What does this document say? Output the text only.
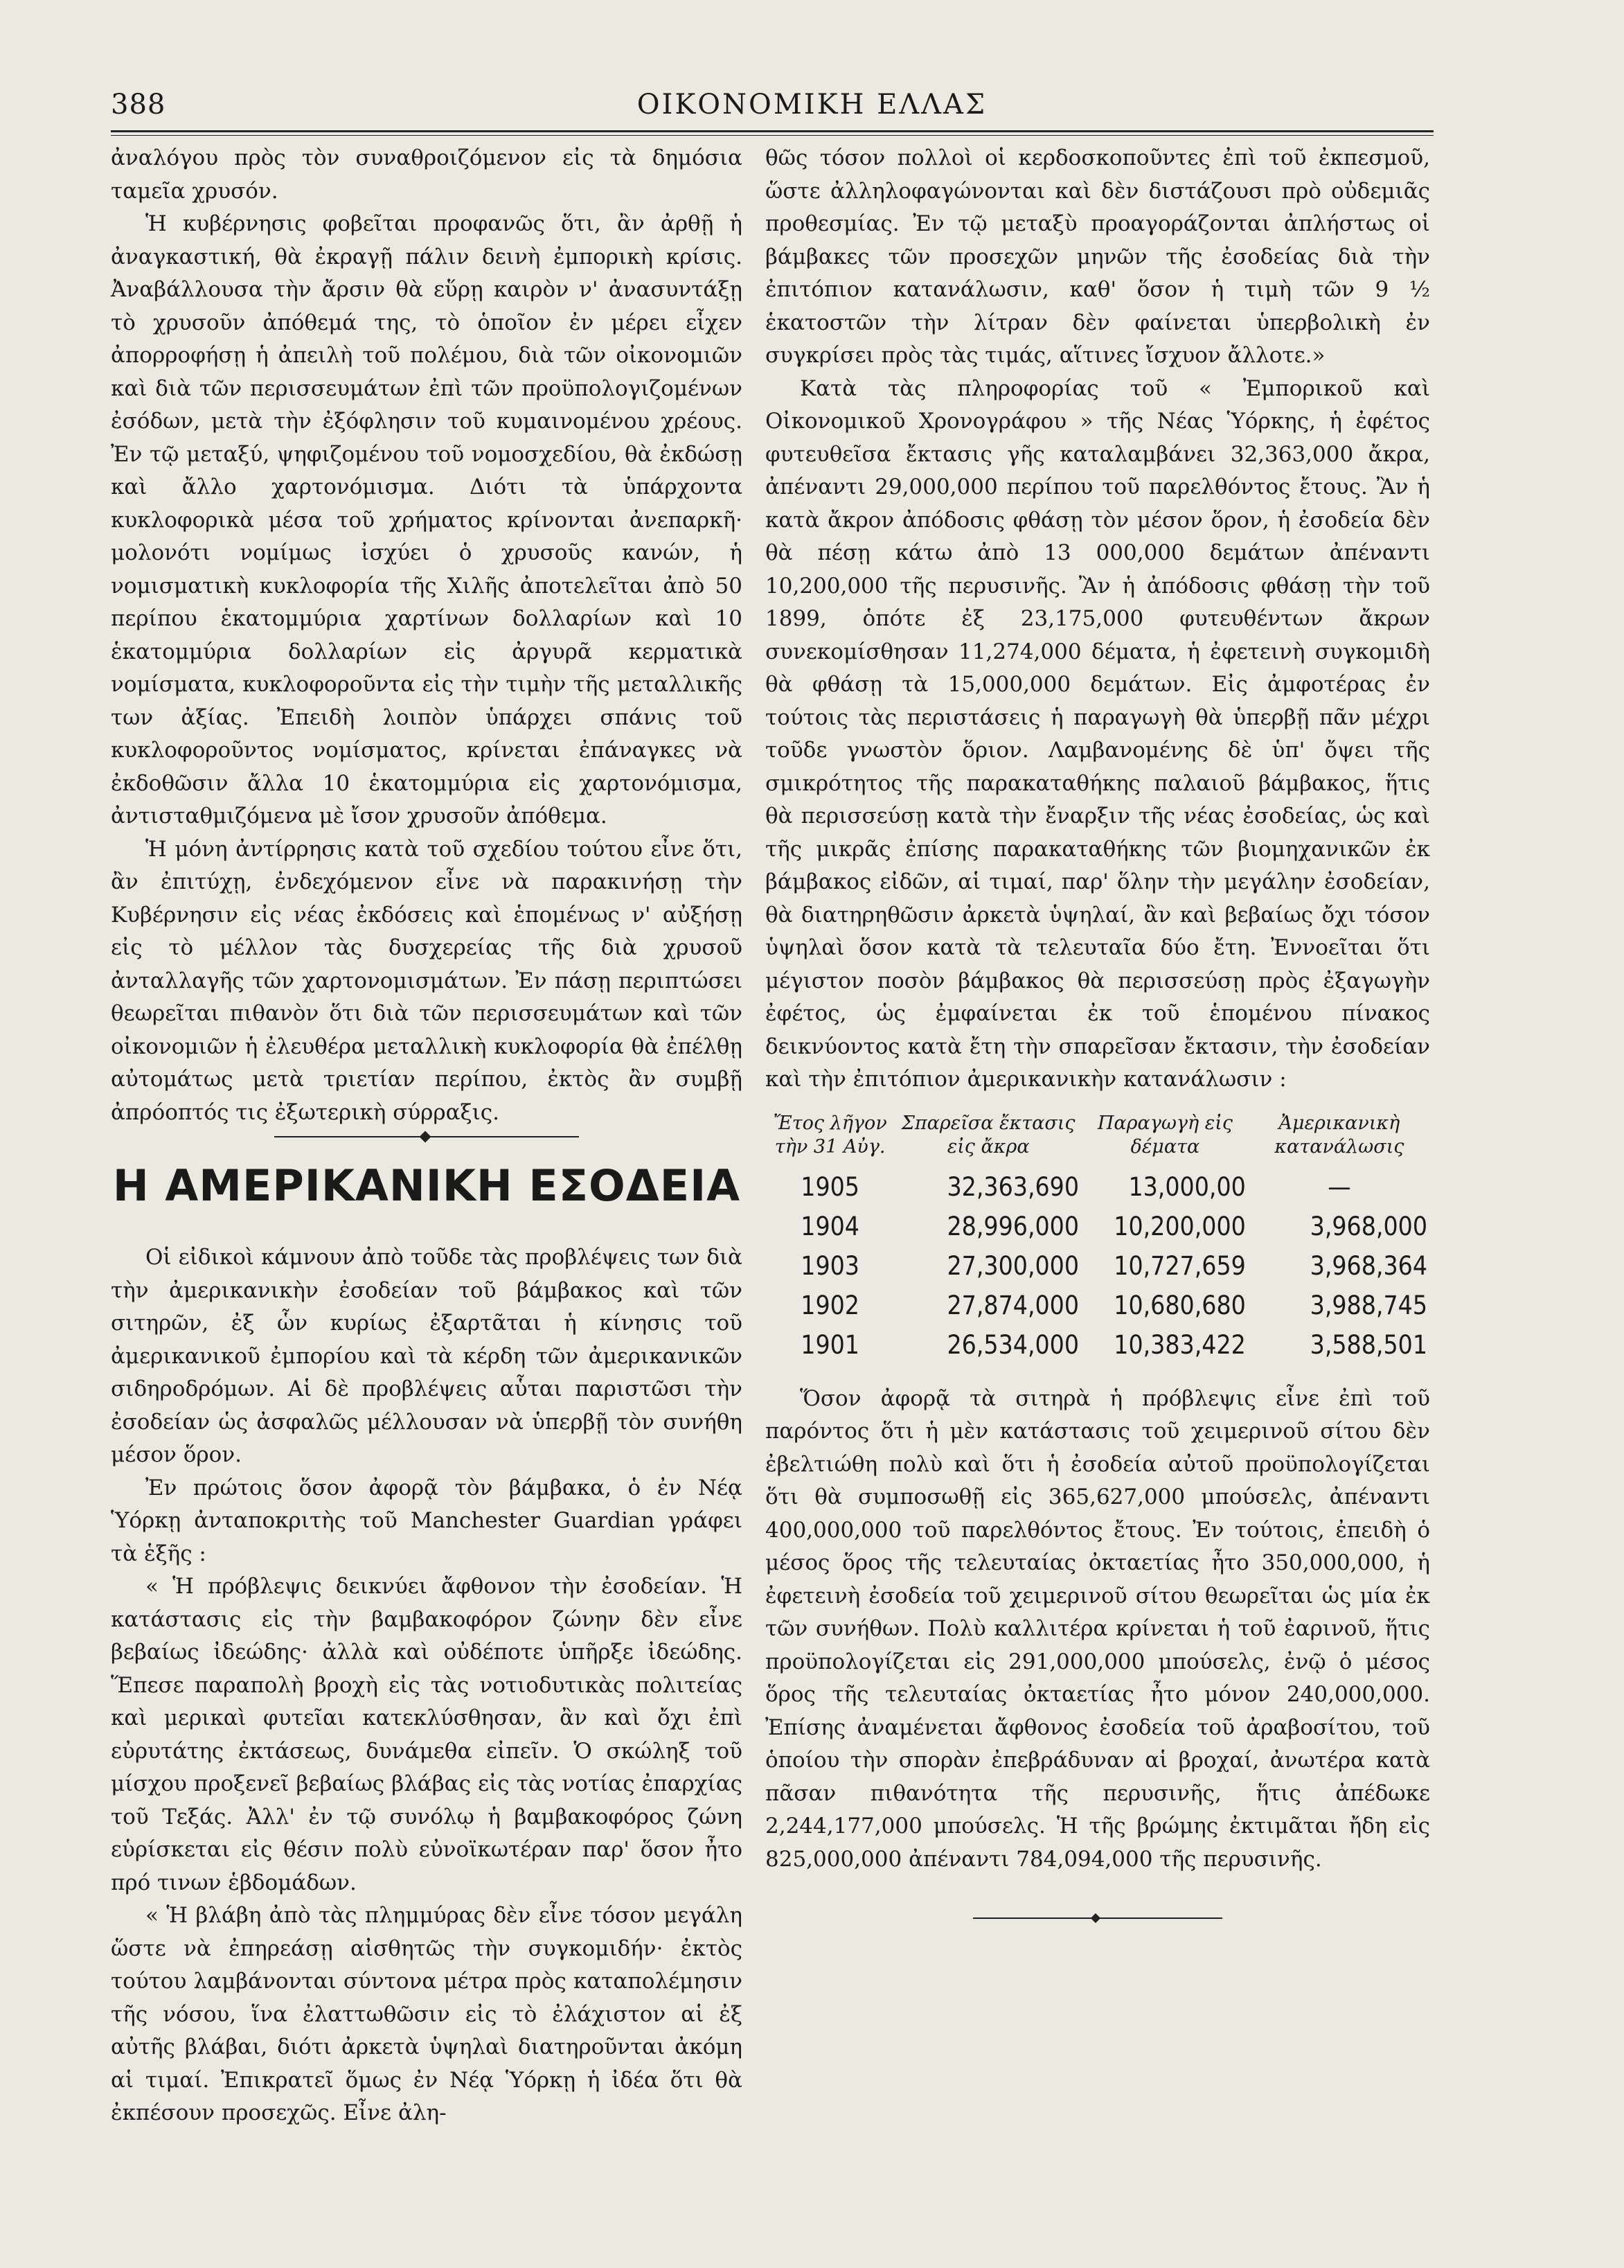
388	ΟΙΚΟΝΟΜΙΚΗ ΕΛΛΑΣ

ἀναλόγου πρὸς τὸν συναθροιζόμενον εἰς τὰ δημόσια ταμεῖα χρυσόν.

Ἡ κυβέρνησις φοβεῖται προφανῶς ὅτι, ἂν ἀρθῇ ἡ ἀναγκαστική, θὰ ἐκραγῇ πάλιν δεινὴ ἐμπορικὴ κρίσις. Ἀναβάλλουσα τὴν ἄρσιν θὰ εὕρῃ καιρὸν ν' ἀνασυντάξῃ τὸ χρυσοῦν ἀπόθεμά της, τὸ ὁποῖον ἐν μέρει εἶχεν ἀπορροφήσῃ ἡ ἀπειλὴ τοῦ πολέμου, διὰ τῶν οἰκονομιῶν καὶ διὰ τῶν περισσευμάτων ἐπὶ τῶν προϋπολογιζομένων ἐσόδων, μετὰ τὴν ἐξόφλησιν τοῦ κυμαινομένου χρέους. Ἐν τῷ μεταξύ, ψηφιζομένου τοῦ νομοσχεδίου, θὰ ἐκδώσῃ καὶ ἄλλο χαρτονόμισμα. Διότι τὰ ὑπάρχοντα κυκλοφορικὰ μέσα τοῦ χρήματος κρίνονται ἀνεπαρκῆ· μολονότι νομίμως ἰσχύει ὁ χρυσοῦς κανών, ἡ νομισματικὴ κυκλοφορία τῆς Χιλῆς ἀποτελεῖται ἀπὸ 50 περίπου ἑκατομμύρια χαρτίνων δολλαρίων καὶ 10 ἑκατομμύρια δολλαρίων εἰς ἀργυρᾶ κερματικὰ νομίσματα, κυκλοφοροῦντα εἰς τὴν τιμὴν τῆς μεταλλικῆς των ἀξίας. Ἐπειδὴ λοιπὸν ὑπάρχει σπάνις τοῦ κυκλοφοροῦντος νομίσματος, κρίνεται ἐπάναγκες νὰ ἐκδοθῶσιν ἄλλα 10 ἑκατομμύρια εἰς χαρτονόμισμα, ἀντισταθμιζόμενα μὲ ἴσον χρυσοῦν ἀπόθεμα.

Ἡ μόνη ἀντίρρησις κατὰ τοῦ σχεδίου τούτου εἶνε ὅτι, ἂν ἐπιτύχῃ, ἐνδεχόμενον εἶνε νὰ παρακινήσῃ τὴν Κυβέρνησιν εἰς νέας ἐκδόσεις καὶ ἑπομένως ν' αὐξήσῃ εἰς τὸ μέλλον τὰς δυσχερείας τῆς διὰ χρυσοῦ ἀνταλλαγῆς τῶν χαρτονομισμάτων. Ἐν πάσῃ περιπτώσει θεωρεῖται πιθανὸν ὅτι διὰ τῶν περισσευμάτων καὶ τῶν οἰκονομιῶν ἡ ἐλευθέρα μεταλλικὴ κυκλοφορία θὰ ἐπέλθῃ αὐτομάτως μετὰ τριετίαν περίπου, ἐκτὸς ἂν συμβῇ ἀπρόοπτός τις ἐξωτερικὴ σύρραξις.

Η ΑΜΕΡΙΚΑΝΙΚΗ ΕΣΟΔΕΙΑ

Οἱ εἰδικοὶ κάμνουν ἀπὸ τοῦδε τὰς προβλέψεις των διὰ τὴν ἀμερικανικὴν ἐσοδείαν τοῦ βάμβακος καὶ τῶν σιτηρῶν, ἐξ ὧν κυρίως ἐξαρτᾶται ἡ κίνησις τοῦ ἀμερικανικοῦ ἐμπορίου καὶ τὰ κέρδη τῶν ἀμερικανικῶν σιδηροδρόμων. Αἱ δὲ προβλέψεις αὗται παριστῶσι τὴν ἐσοδείαν ὡς ἀσφαλῶς μέλλουσαν νὰ ὑπερβῇ τὸν συνήθη μέσον ὅρον.

Ἐν πρώτοις ὅσον ἀφορᾷ τὸν βάμβακα, ὁ ἐν Νέᾳ Ὑόρκῃ ἀνταποκριτὴς τοῦ Manchester Guardian γράφει τὰ ἑξῆς :

« Ἡ πρόβλεψις δεικνύει ἄφθονον τὴν ἐσοδείαν. Ἡ κατάστασις εἰς τὴν βαμβακοφόρον ζώνην δὲν εἶνε βεβαίως ἰδεώδης· ἀλλὰ καὶ οὐδέποτε ὑπῆρξε ἰδεώδης. Ἕπεσε παραπολὴ βροχὴ εἰς τὰς νοτιοδυτικὰς πολιτείας καὶ μερικαὶ φυτεῖαι κατεκλύσθησαν, ἂν καὶ ὄχι ἐπὶ εὐρυτάτης ἐκτάσεως, δυνάμεθα εἰπεῖν. Ὁ σκώληξ τοῦ μίσχου προξενεῖ βεβαίως βλάβας εἰς τὰς νοτίας ἐπαρχίας τοῦ Τεξάς. Ἀλλ' ἐν τῷ συνόλῳ ἡ βαμβακοφόρος ζώνη εὑρίσκεται εἰς θέσιν πολὺ εὐνοϊκωτέραν παρ' ὅσον ἦτο πρό τινων ἑβδομάδων.

« Ἡ βλάβη ἀπὸ τὰς πλημμύρας δὲν εἶνε τόσον μεγάλη ὥστε νὰ ἐπηρεάσῃ αἰσθητῶς τὴν συγκομιδήν· ἐκτὸς τούτου λαμβάνονται σύντονα μέτρα πρὸς καταπολέμησιν τῆς νόσου, ἵνα ἐλαττωθῶσιν εἰς τὸ ἐλάχιστον αἱ ἐξ αὐτῆς βλάβαι, διότι ἀρκετὰ ὑψηλαὶ διατηροῦνται ἀκόμη αἱ τιμαί. Ἐπικρατεῖ ὅμως ἐν Νέᾳ Ὑόρκῃ ἡ ἰδέα ὅτι θὰ ἐκπέσουν προσεχῶς. Εἶνε ἀλη-

θῶς τόσον πολλοὶ οἱ κερδοσκοποῦντες ἐπὶ τοῦ ἐκπεσμοῦ, ὥστε ἀλληλοφαγώνονται καὶ δὲν διστάζουσι πρὸ οὐδεμιᾶς προθεσμίας. Ἐν τῷ μεταξὺ προαγοράζονται ἀπλήστως οἱ βάμβακες τῶν προσεχῶν μηνῶν τῆς ἐσοδείας διὰ τὴν ἐπιτόπιον κατανάλωσιν, καθ' ὅσον ἡ τιμὴ τῶν 9 ½ ἑκατοστῶν τὴν λίτραν δὲν φαίνεται ὑπερβολικὴ ἐν συγκρίσει πρὸς τὰς τιμάς, αἵτινες ἴσχυον ἄλλοτε.»

Κατὰ τὰς πληροφορίας τοῦ « Ἐμπορικοῦ καὶ Οἰκονομικοῦ Χρονογράφου » τῆς Νέας Ὑόρκης, ἡ ἐφέτος φυτευθεῖσα ἔκτασις γῆς καταλαμβάνει 32,363,000 ἄκρα, ἀπέναντι 29,000,000 περίπου τοῦ παρελθόντος ἔτους. Ἂν ἡ κατὰ ἄκρον ἀπόδοσις φθάσῃ τὸν μέσον ὅρον, ἡ ἐσοδεία δὲν θὰ πέσῃ κάτω ἀπὸ 13 000,000 δεμάτων ἀπέναντι 10,200,000 τῆς περυσινῆς. Ἂν ἡ ἀπόδοσις φθάσῃ τὴν τοῦ 1899, ὁπότε ἐξ 23,175,000 φυτευθέντων ἄκρων συνεκομίσθησαν 11,274,000 δέματα, ἡ ἐφετεινὴ συγκομιδὴ θὰ φθάσῃ τὰ 15,000,000 δεμάτων. Εἰς ἀμφοτέρας ἐν τούτοις τὰς περιστάσεις ἡ παραγωγὴ θὰ ὑπερβῇ πᾶν μέχρι τοῦδε γνωστὸν ὅριον. Λαμβανομένης δὲ ὑπ' ὄψει τῆς σμικρότητος τῆς παρακαταθήκης παλαιοῦ βάμβακος, ἥτις θὰ περισσεύσῃ κατὰ τὴν ἔναρξιν τῆς νέας ἐσοδείας, ὡς καὶ τῆς μικρᾶς ἐπίσης παρακαταθήκης τῶν βιομηχανικῶν ἐκ βάμβακος εἰδῶν, αἱ τιμαί, παρ' ὅλην τὴν μεγάλην ἐσοδείαν, θὰ διατηρηθῶσιν ἀρκετὰ ὑψηλαί, ἂν καὶ βεβαίως ὄχι τόσον ὑψηλαὶ ὅσον κατὰ τὰ τελευταῖα δύο ἔτη. Ἐννοεῖται ὅτι μέγιστον ποσὸν βάμβακος θὰ περισσεύσῃ πρὸς ἐξαγωγὴν ἐφέτος, ὡς ἐμφαίνεται ἐκ τοῦ ἑπομένου πίνακος δεικνύοντος κατὰ ἔτη τὴν σπαρεῖσαν ἔκτασιν, τὴν ἐσοδείαν καὶ τὴν ἐπιτόπιον ἀμερικανικὴν κατανάλωσιν :

Ἔτος λῆγον τὴν 31 Αὐγ.	Σπαρεῖσα ἔκτασις εἰς ἄκρα	Παραγωγὴ εἰς δέματα	Ἀμερικανικὴ κατανάλωσις
1905	32,363,690	13,000,00	—
1904	28,996,000	10,200,000	3,968,000
1903	27,300,000	10,727,659	3,968,364
1902	27,874,000	10,680,680	3,988,745
1901	26,534,000	10,383,422	3,588,501

Ὅσον ἀφορᾷ τὰ σιτηρὰ ἡ πρόβλεψις εἶνε ἐπὶ τοῦ παρόντος ὅτι ἡ μὲν κατάστασις τοῦ χειμερινοῦ σίτου δὲν ἐβελτιώθη πολὺ καὶ ὅτι ἡ ἐσοδεία αὐτοῦ προϋπολογίζεται ὅτι θὰ συμποσωθῇ εἰς 365,627,000 μπούσελς, ἀπέναντι 400,000,000 τοῦ παρελθόντος ἔτους. Ἐν τούτοις, ἐπειδὴ ὁ μέσος ὅρος τῆς τελευταίας ὀκταετίας ἦτο 350,000,000, ἡ ἐφετεινὴ ἐσοδεία τοῦ χειμερινοῦ σίτου θεωρεῖται ὡς μία ἐκ τῶν συνήθων. Πολὺ καλλιτέρα κρίνεται ἡ τοῦ ἐαρινοῦ, ἥτις προϋπολογίζεται εἰς 291,000,000 μπούσελς, ἐνῷ ὁ μέσος ὅρος τῆς τελευταίας ὀκταετίας ἦτο μόνον 240,000,000. Ἐπίσης ἀναμένεται ἄφθονος ἐσοδεία τοῦ ἀραβοσίτου, τοῦ ὁποίου τὴν σπορὰν ἐπεβράδυναν αἱ βροχαί, ἀνωτέρα κατὰ πᾶσαν πιθανότητα τῆς περυσινῆς, ἥτις ἀπέδωκε 2,244,177,000 μπούσελς. Ἡ τῆς βρώμης ἐκτιμᾶται ἤδη εἰς 825,000,000 ἀπέναντι 784,094,000 τῆς περυσινῆς.
